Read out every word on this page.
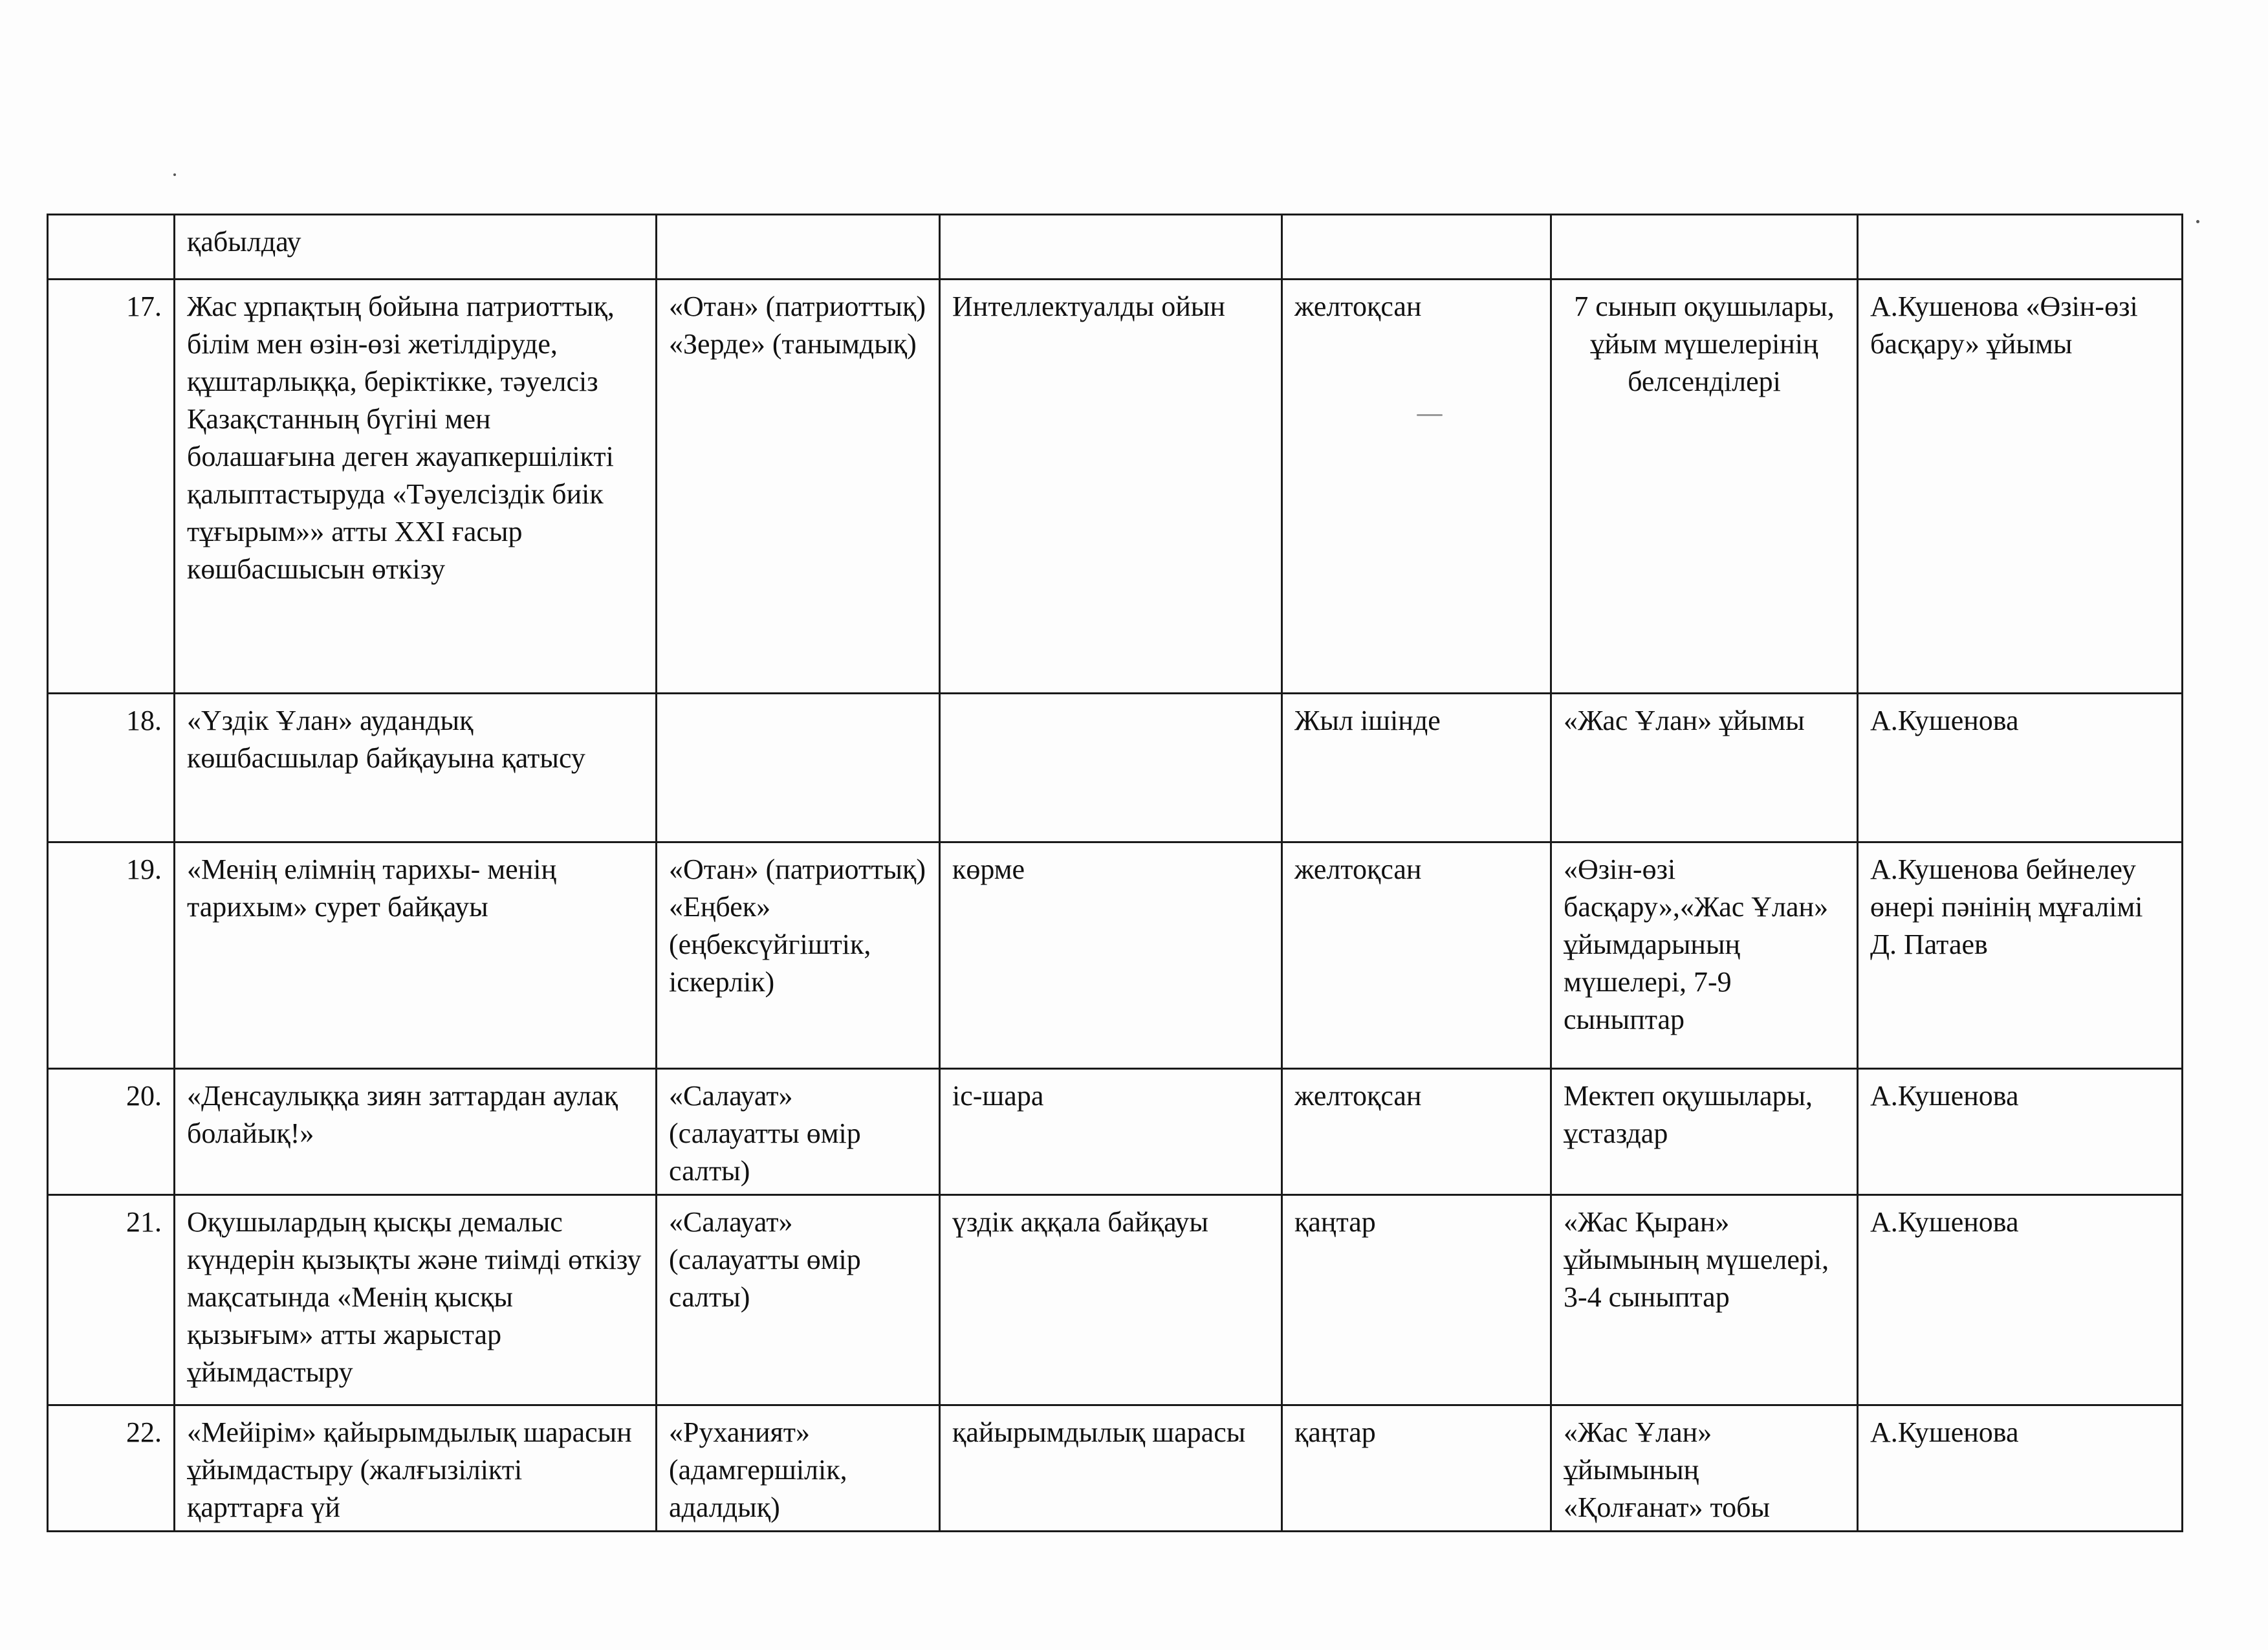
	қабылдау					
17.	Жас ұрпақтың бойына патриоттық, білім мен өзін-өзі жетілдіруде, құштарлыққа, беріктікке, тәуелсіз Қазақстанның бүгіні мен болашағына деген жауапкершілікті қалыптастыруда «Тәуелсіздік биік тұғырым»» атты XXI ғасыр көшбасшысын өткізу	«Отан» (патриоттық) «Зерде» (танымдық)	Интеллектуалды ойын	желтоқсан	7 сынып оқушылары, ұйым мүшелерінің белсенділері	А.Кушенова «Өзін-өзі басқару» ұйымы
18.	«Үздік Ұлан» аудандық көшбасшылар байқауына қатысу			Жыл ішінде	«Жас Ұлан» ұйымы	А.Кушенова
19.	«Менің елімнің тарихы- менің тарихым» сурет байқауы	«Отан» (патриоттық) «Еңбек» (еңбексүйгіштік, іскерлік)	көрме	желтоқсан	«Өзін-өзі басқару»,«Жас Ұлан» ұйымдарының мүшелері, 7-9 сыныптар	А.Кушенова бейнелеу өнері пәнінің мұғалімі Д. Патаев
20.	«Денсаулыққа зиян заттардан аулақ болайық!»	«Салауат» (салауатты өмір салты)	іс-шара	желтоқсан	Мектеп оқушылары, ұстаздар	А.Кушенова
21.	Оқушылардың қысқы демалыс күндерін қызықты және тиімді өткізу мақсатында «Менің қысқы қызығым» атты жарыстар ұйымдастыру	«Салауат» (салауатты өмір салты)	үздік аққала байқауы	қаңтар	«Жас Қыран» ұйымының мүшелері, 3-4 сыныптар	А.Кушенова
22.	«Мейірім» қайырымдылық шарасын ұйымдастыру (жалғызілікті қарттарға үй	«Руханият» (адамгершілік, адалдық)	қайырымдылық шарасы	қаңтар	«Жас Ұлан» ұйымының «Қолғанат» тобы	А.Кушенова
